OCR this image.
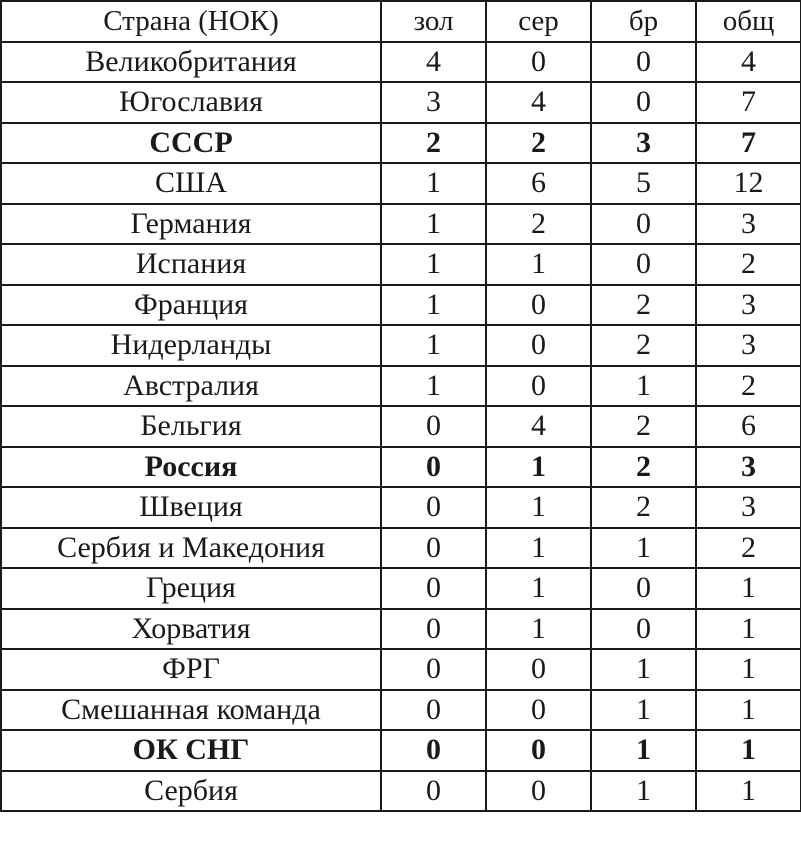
Страна (НОК)	зол	сер	бр	общ
Великобритания	4	0	0	4
Югославия	3	4	0	7
СССР	2	2	3	7
США	1	6	5	12
Германия	1	2	0	3
Испания	1	1	0	2
Франция	1	0	2	3
Нидерланды	1	0	2	3
Австралия	1	0	1	2
Бельгия	0	4	2	6
Россия	0	1	2	3
Швеция	0	1	2	3
Сербия и Македония	0	1	1	2
Греция	0	1	0	1
Хорватия	0	1	0	1
ФРГ	0	0	1	1
Смешанная команда	0	0	1	1
ОК СНГ	0	0	1	1
Сербия	0	0	1	1
